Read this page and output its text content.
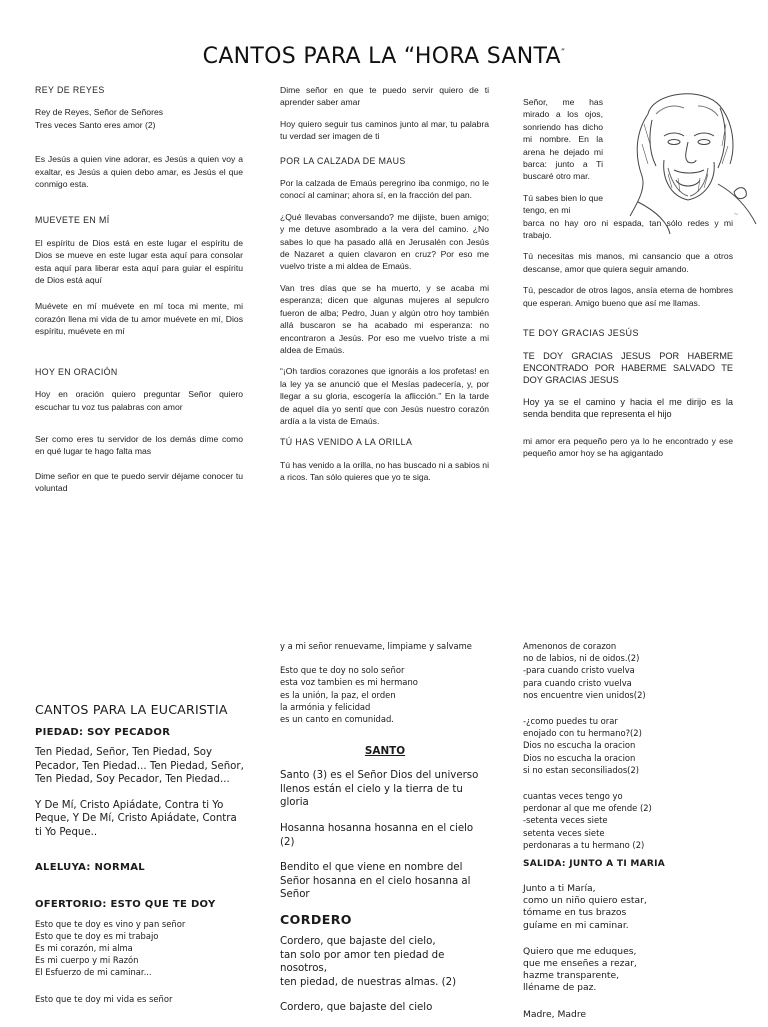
CANTOS PARA LA “HORA SANTA”
REY DE REYES

Rey de Reyes, Señor de Señores
Tres veces Santo eres amor (2)

Es Jesús a quien vine adorar, es Jesús a quien voy a exaltar, es Jesús a quien debo amar, es Jesús el que conmigo esta.

MUEVETE EN MÍ

El espíritu de Dios está en este lugar el espíritu de Dios se mueve en este lugar esta aquí para consolar esta aquí para liberar esta aquí para guiar el espíritu de Dios está aquí

Muévete en mí muévete en mí toca mi mente, mi corazón llena mi vida de tu amor muévete en mí, Dios espíritu, muévete en mí

HOY EN ORACIÓN

Hoy en oración quiero preguntar Señor quiero escuchar tu voz tus palabras con amor

Ser como eres tu servidor de los demás dime como en qué lugar te hago falta mas

Dime señor en que te puedo servir déjame conocer tu voluntad

Dime señor en que te puedo servir quiero de ti aprender saber amar

Hoy quiero seguir tus caminos junto al mar, tu palabra tu verdad ser imagen de ti

POR LA CALZADA DE MAUS

Por la calzada de Emaús peregrino iba conmigo, no le conocí al caminar; ahora sí, en la fracción del pan.

¿Qué llevabas conversando? me dijiste, buen amigo; y me detuve asombrado a la vera del camino. ¿No sabes lo que ha pasado allá en Jerusalén con Jesús de Nazaret a quien clavaron en cruz? Por eso me vuelvo triste a mi aldea de Emaús.

Van tres días que se ha muerto, y se acaba mi esperanza; dicen que algunas mujeres al sepulcro fueron de alba; Pedro, Juan y algún otro hoy también allá buscaron se ha acabado mi esperanza: no encontraron a Jesús. Por eso me vuelvo triste a mi aldea de Emaús.

“¡Oh tardios corazones que ignoráis a los profetas! en la ley ya se anunció que el Mesías padecería, y, por llegar a su gloria, escogería la aflicción.” En la tarde de aquel día yo sentí que con Jesús nuestro corazón ardía a la vista de Emaús.

TÚ HAS VENIDO A LA ORILLA

Tú has venido a la orilla, no has buscado ni a sabios ni a ricos. Tan sólo quieres que yo te siga.

Señor, me has mirado a los ojos, sonriendo has dicho mi nombre. En la arena he dejado mi barca: junto a Ti buscaré otro mar.

Tú sabes bien lo que tengo, en mi

barca no hay oro ni espada, tan sólo redes y mi trabajo.

Tú necesitas mis manos, mi cansancio que a otros descanse, amor que quiera seguir amando.

Tú, pescador de otros lagos, ansía eterna de hombres que esperan. Amigo bueno que así me llamas.

TE DOY GRACIAS JESÚS

TE DOY GRACIAS JESUS POR HABERME ENCONTRADO POR HABERME SALVADO TE DOY GRACIAS JESUS

Hoy ya se el camino y hacia el me dirijo es la senda bendita que representa el hijo

mi amor era pequeño pero ya lo he encontrado y ese pequeño amor hoy se ha agigantado

~
CANTOS PARA LA EUCARISTIA
PIEDAD: SOY PECADOR
Ten Piedad, Señor, Ten Piedad, Soy Pecador, Ten Piedad... Ten Piedad, Señor, Ten Piedad, Soy Pecador, Ten Piedad...
Y De Mí, Cristo Apiádate, Contra ti Yo Peque, Y De Mí, Cristo Apiádate, Contra ti Yo Peque..
ALELUYA: NORMAL
OFERTORIO: ESTO QUE TE DOY
Esto que te doy es vino y pan señor
Esto que te doy es mi trabajo
Es mi corazón, mi alma
Es mi cuerpo y mi Razón
El Esfuerzo de mi caminar...
Esto que te doy mi vida es señor
y a mi señor renuevame, limpiame y salvame
Esto que te doy no solo señor
esta voz tambien es mi hermano
es la unión, la paz, el orden
la armónia y felicidad
es un canto en comunidad.
SANTO
Santo (3) es el Señor Dios del universo llenos están el cielo y la tierra de tu gloria
Hosanna hosanna hosanna en el cielo (2)
Bendito el que viene en nombre del Señor hosanna en el cielo hosanna al Señor
CORDERO
Cordero, que bajaste del cielo,
tan solo por amor ten piedad de nosotros,
ten piedad, de nuestras almas. (2)
Cordero, que bajaste del cielo
Amenonos de corazon
no de labios, ni de oidos.(2)
-para cuando cristo vuelva
para cuando cristo vuelva
nos encuentre vien unidos(2)
-¿como puedes tu orar
enojado con tu hermano?(2)
Dios no escucha la oracion
Dios no escucha la oracion
si no estan seconsiliados(2)
cuantas veces tengo yo
perdonar al que me ofende (2)
-setenta veces siete
setenta veces siete
perdonaras a tu hermano (2)
SALIDA: JUNTO A TI MARIA
Junto a ti María,
como un niño quiero estar,
tómame en tus brazos
guíame en mi caminar.
Quiero que me eduques,
que me enseñes a rezar,
hazme transparente,
lléname de paz.
Madre, Madre
